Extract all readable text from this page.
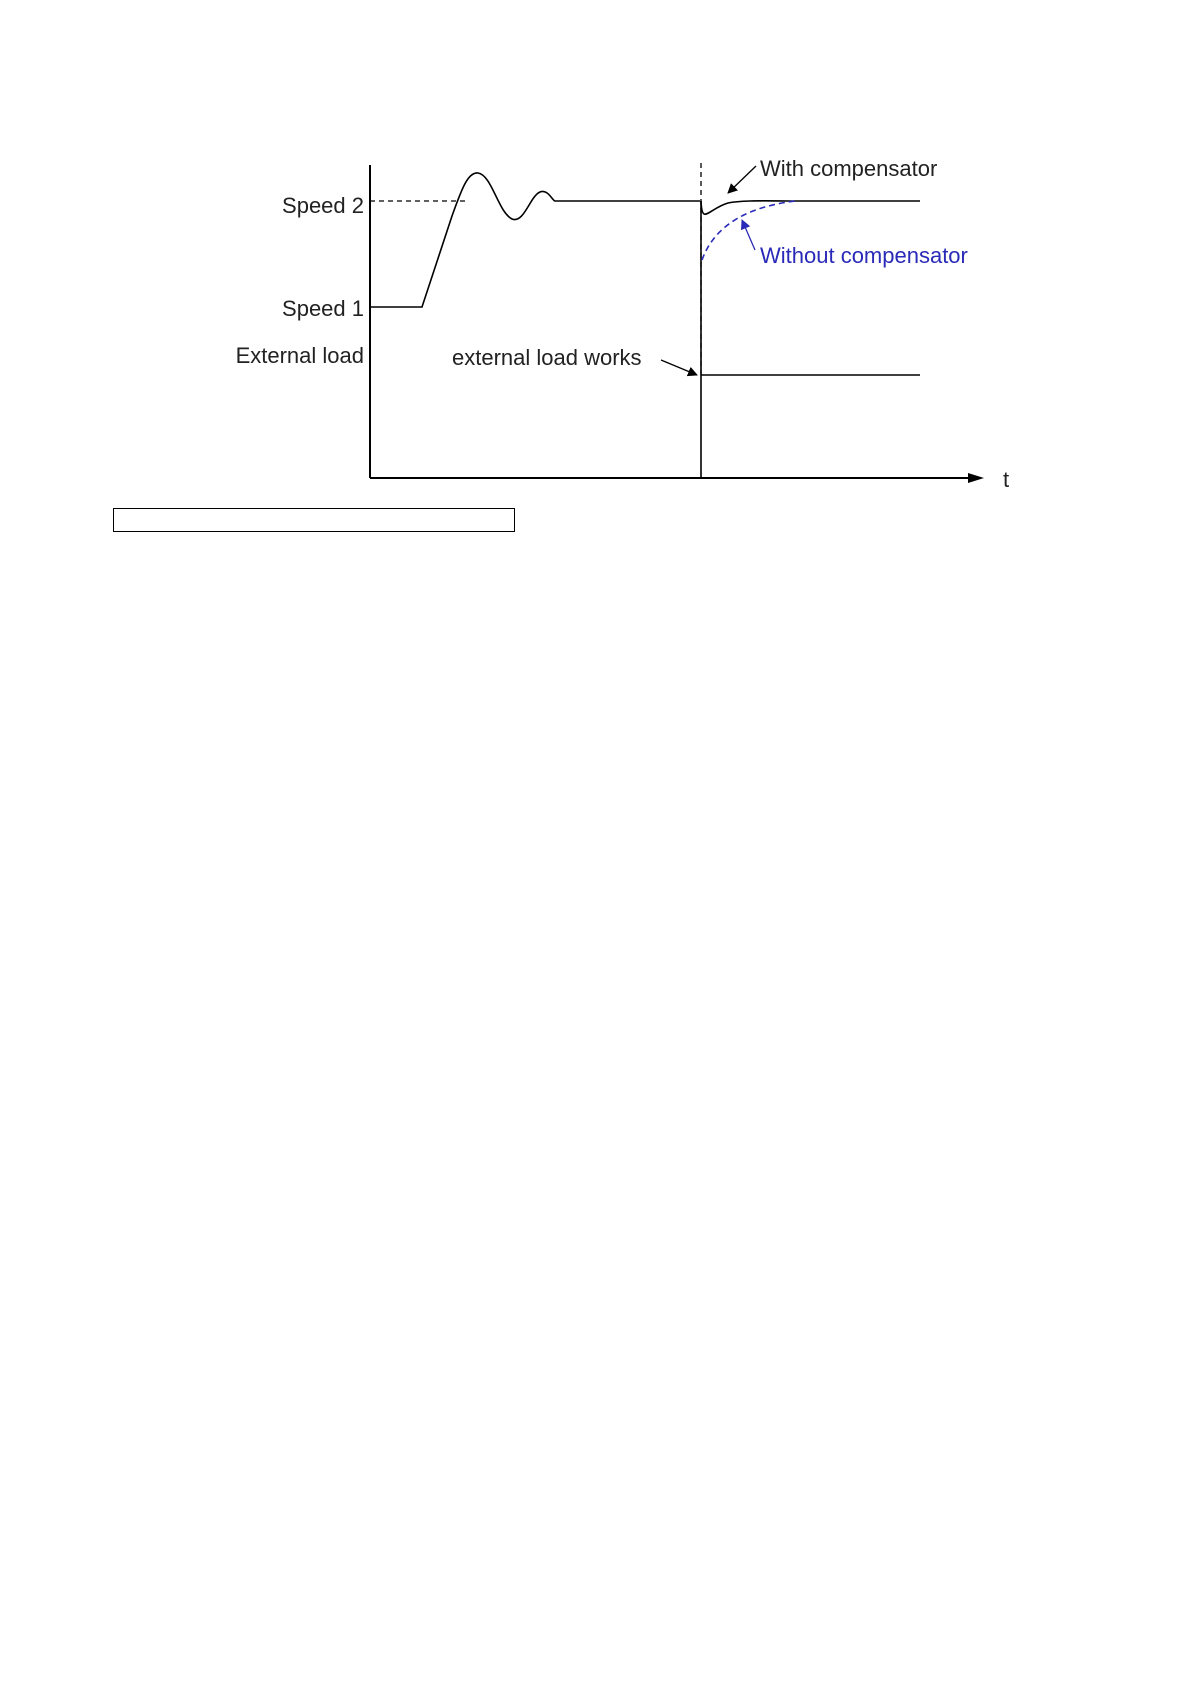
Speed 2
Speed 1
External load	external load works
With compensator
Without compensator
t
